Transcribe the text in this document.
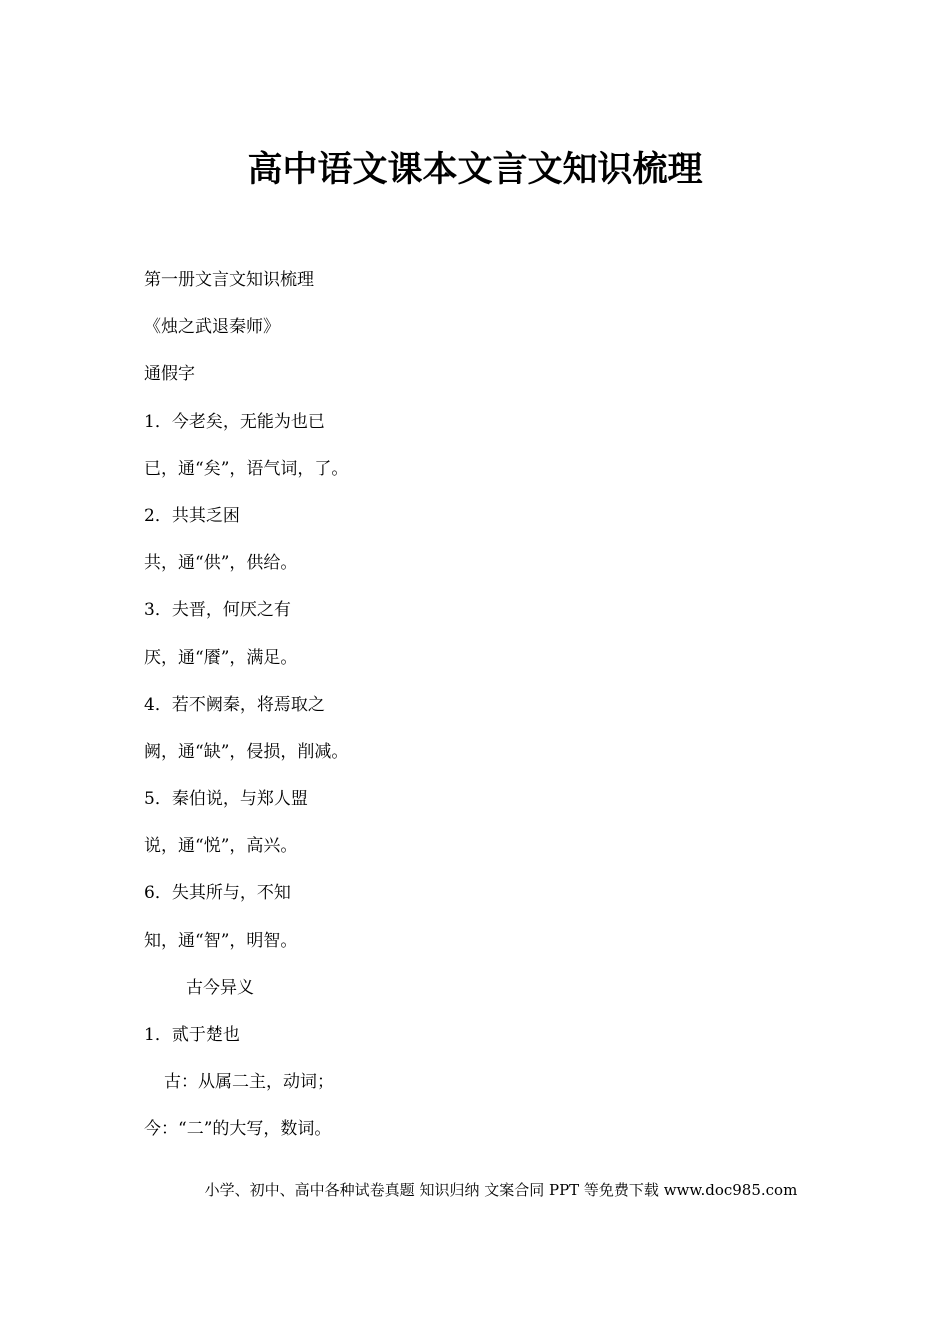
高中语文课本文言文知识梳理
第一册文言文知识梳理
《烛之武退秦师》
通假字
1．今老矣，无能为也已
已，通“矣”，语气词，了。
2．共其乏困
共，通“供”，供给。
3．夫晋，何厌之有
厌，通“餍”，满足。
4．若不阙秦，将焉取之
阙，通“缺”，侵损，削减。
5．秦伯说，与郑人盟
说，通“悦”，高兴。
6．失其所与，不知
知，通“智”，明智。
古今异义
1．贰于楚也
古：从属二主，动词；
今：“二”的大写，数词。
小学、初中、高中各种试卷真题 知识归纳 文案合同 PPT 等免费下载 www.doc985.com
